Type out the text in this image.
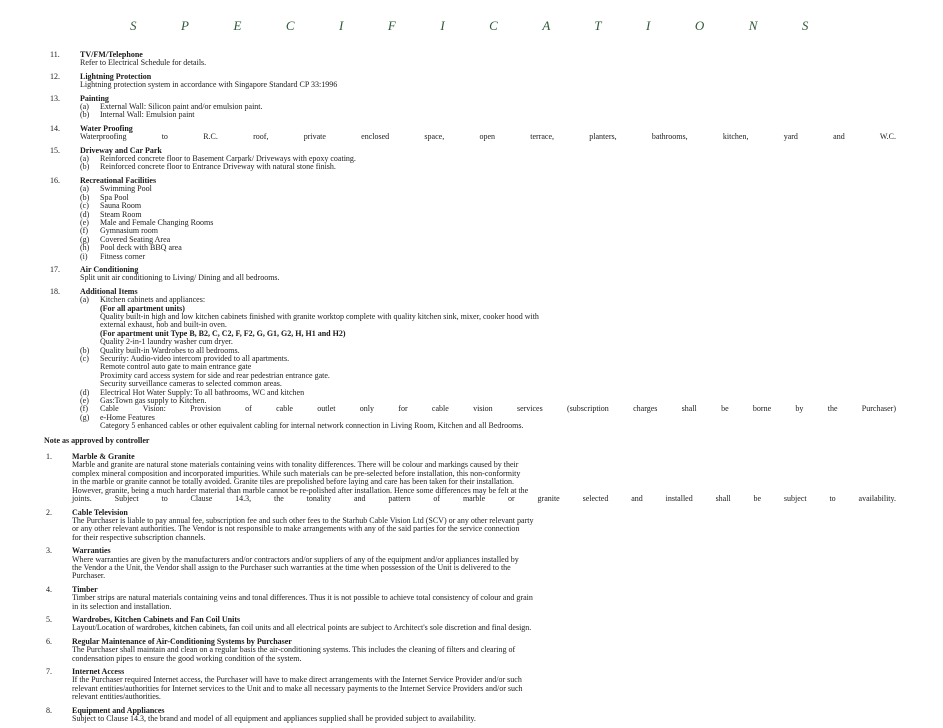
SPECIFICATIONS
11.	TV/FM/Telephone
Refer to Electrical Schedule for details.
12.	Lightning Protection
Lightning protection system in accordance with Singapore Standard CP 33:1996
13.	Painting
(a) External Wall: Silicon paint and/or emulsion paint.
(b) Internal Wall: Emulsion paint
14.	Water Proofing
Waterproofing to R.C. roof, private enclosed space, open terrace, planters, bathrooms, kitchen, yard and W.C.
15.	Driveway and Car Park
(a) Reinforced concrete floor to Basement Carpark/ Driveways with epoxy coating.
(b) Reinforced concrete floor to Entrance Driveway with natural stone finish.
16.	Recreational Facilities
(a) Swimming Pool
(b) Spa Pool
(c) Sauna Room
(d) Steam Room
(e) Male and Female Changing Rooms
(f) Gymnasium room
(g) Covered Seating Area
(h) Pool deck with BBQ area
(i) Fitness corner
17.	Air Conditioning
Split unit air conditioning to Living/ Dining and all bedrooms.
18.	Additional Items
(a) Kitchen cabinets and appliances:
(For all apartment units)
Quality built-in high and low kitchen cabinets finished with granite worktop complete with quality kitchen sink, mixer, cooker hood with
external exhaust, hob and built-in oven.
(For apartment unit Type B, B2, C, C2, F, F2, G, G1, G2, H, H1 and H2)
Quality 2-in-1 laundry washer cum dryer.
(b) Quality built-in Wardrobes to all bedrooms.
(c) Security: Audio-video intercom provided to all apartments.
Remote control auto gate to main entrance gate
Proximity card access system for side and rear pedestrian entrance gate.
Security surveillance cameras to selected common areas.
(d) Electrical Hot Water Supply: To all bathrooms, WC and kitchen
(e) Gas:Town gas supply to Kitchen.
(f) Cable Vision: Provision of cable outlet only for cable vision services (subscription charges shall be borne by the Purchaser)
(g) e-Home Features
Category 5 enhanced cables or other equivalent cabling for internal network connection in Living Room, Kitchen and all Bedrooms.
Note as approved by controller
1.	Marble & Granite
Marble and granite are natural stone materials containing veins with tonality differences. There will be colour and markings caused by their
complex mineral composition and incorporated impurities. While such materials can be pre-selected before installation, this non-conformity
in the marble or granite cannot be totally avoided. Granite tiles are prepolished before laying and care has been taken for their installation.
However, granite, being a much harder material than marble cannot be re-polished after installation. Hence some differences may be felt at the
joints. Subject to Clause 14.3, the tonality and pattern of marble or granite selected and installed shall be subject to availability.
2.	Cable Television
The Purchaser is liable to pay annual fee, subscription fee and such other fees to the Starhub Cable Vision Ltd (SCV) or any other relevant party
or any other relevant authorities. The Vendor is not responsible to make arrangements with any of the said parties for the service connection
for their respective subscription channels.
3.	Warranties
Where warranties are given by the manufacturers and/or contractors and/or suppliers of any of the equipment and/or appliances installed by
the Vendor a the Unit, the Vendor shall assign to the Purchaser such warranties at the time when possession of the Unit is delivered to the
Purchaser.
4.	Timber
Timber strips are natural materials containing veins and tonal differences. Thus it is not possible to achieve total consistency of colour and grain
in its selection and installation.
5.	Wardrobes, Kitchen Cabinets and Fan Coil Units
Layout/Location of wardrobes, kitchen cabinets, fan coil units and all electrical points are subject to Architect's sole discretion and final design.
6.	Regular Maintenance of Air-Conditioning Systems by Purchaser
The Purchaser shall maintain and clean on a regular basis the air-conditioning systems. This includes the cleaning of filters and clearing of
condensation pipes to ensure the good working condition of the system.
7.	Internet Access
If the Purchaser required Internet access, the Purchaser will have to make direct arrangements with the Internet Service Provider and/or such
relevant entities/authorities for Internet services to the Unit and to make all necessary payments to the Internet Service Providers and/or such
relevant entities/authorities.
8.	Equipment and Appliances
Subject to Clause 14.3, the brand and model of all equipment and appliances supplied shall be provided subject to availability.
